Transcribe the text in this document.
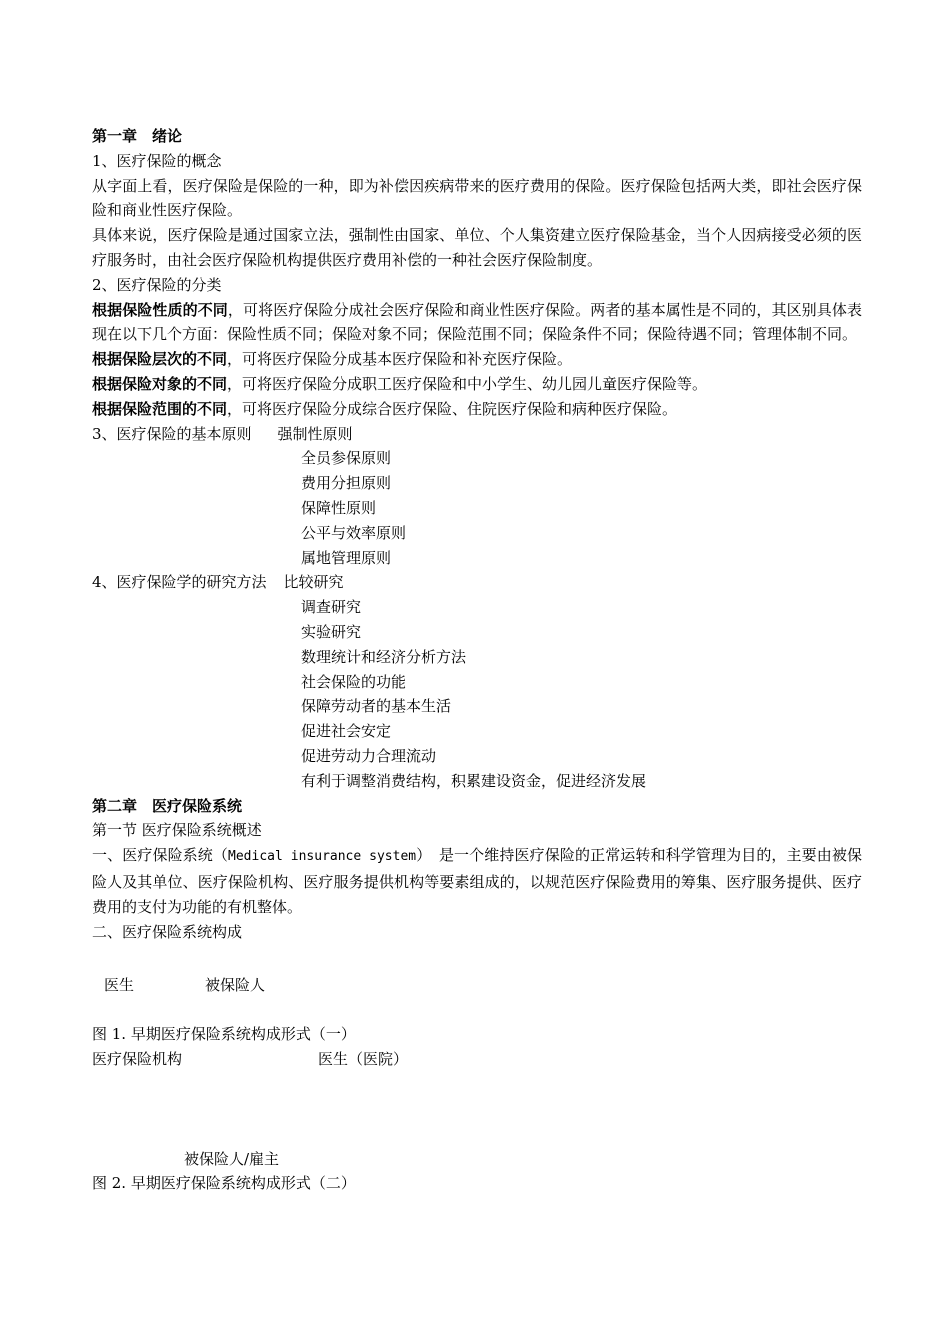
第一章　绪论

1、医疗保险的概念

从字面上看，医疗保险是保险的一种，即为补偿因疾病带来的医疗费用的保险。医疗保险包括两大类，即社会医疗保险和商业性医疗保险。

具体来说，医疗保险是通过国家立法，强制性由国家、单位、个人集资建立医疗保险基金，当个人因病接受必须的医疗服务时，由社会医疗保险机构提供医疗费用补偿的一种社会医疗保险制度。

2、医疗保险的分类

根据保险性质的不同，可将医疗保险分成社会医疗保险和商业性医疗保险。两者的基本属性是不同的，其区别具体表现在以下几个方面：保险性质不同；保险对象不同；保险范围不同；保险条件不同；保险待遇不同；管理体制不同。

根据保险层次的不同，可将医疗保险分成基本医疗保险和补充医疗保险。

根据保险对象的不同，可将医疗保险分成职工医疗保险和中小学生、幼儿园儿童医疗保险等。

根据保险范围的不同，可将医疗保险分成综合医疗保险、住院医疗保险和病种医疗保险。

3、医疗保险的基本原则 强制性原则

全员参保原则

费用分担原则

保障性原则

公平与效率原则

属地管理原则

4、医疗保险学的研究方法 比较研究

调查研究

实验研究

数理统计和经济分析方法

社会保险的功能

保障劳动者的基本生活

促进社会安定

促进劳动力合理流动

有利于调整消费结构，积累建设资金，促进经济发展

第二章　医疗保险系统

第一节 医疗保险系统概述

一、医疗保险系统（Medical insurance system）　是一个维持医疗保险的正常运转和科学管理为目的，主要由被保险人及其单位、医疗保险机构、医疗服务提供机构等要素组成的，以规范医疗保险费用的筹集、医疗服务提供、医疗费用的支付为功能的有机整体。

二、医疗保险系统构成

医生	被保险人
图 1. 早期医疗保险系统构成形式（一）
医疗保险机构	医生（医院）
被保险人/雇主
图 2. 早期医疗保险系统构成形式（二）
